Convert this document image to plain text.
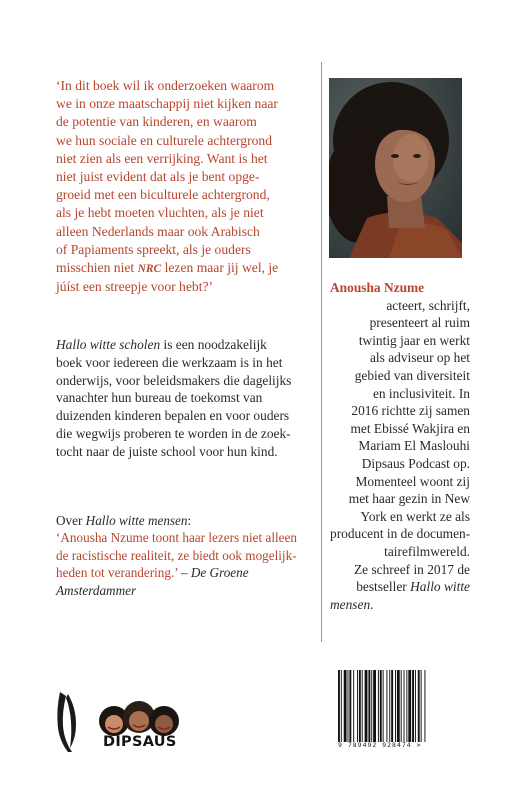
‘In dit boek wil ik onderzoeken waarom
we in onze maatschappij niet kijken naar
de potentie van kinderen, en waarom
we hun sociale en culturele achtergrond
niet zien als een verrijking. Want is het
niet juist evident dat als je bent opge-
groeid met een biculturele achtergrond,
als je hebt moeten vluchten, als je niet
alleen Nederlands maar ook Arabisch
of Papiaments spreekt, als je ouders
misschien niet NRC lezen maar jij wel, je
júíst een streepje voor hebt?’
Hallo witte scholen is een noodzakelijk
boek voor iedereen die werkzaam is in het
onderwijs, voor beleidsmakers die dagelijks
vanachter hun bureau de toekomst van
duizenden kinderen bepalen en voor ouders
die wegwijs proberen te worden in de zoek-
tocht naar de juiste school voor hun kind.
Over Hallo witte mensen:
‘Anousha Nzume toont haar lezers niet alleen
de racistische realiteit, ze biedt ook mogelijk-
heden tot verandering.’ – De Groene
Amsterdammer
Anousha Nzume
acteert, schrijft,
presenteert al ruim
twintig jaar en werkt
als adviseur op het
gebied van diversiteit
en inclusiviteit. In
2016 richtte zij samen
met Ebissé Wakjira en
Mariam El Maslouhi
Dipsaus Podcast op.
Momenteel woont zij
met haar gezin in New
York en werkt ze als
producent in de documen-
tairefilmwereld.
Ze schreef in 2017 de
bestseller Hallo witte
mensen.
DIPSAUS	9 789492 928474 >
